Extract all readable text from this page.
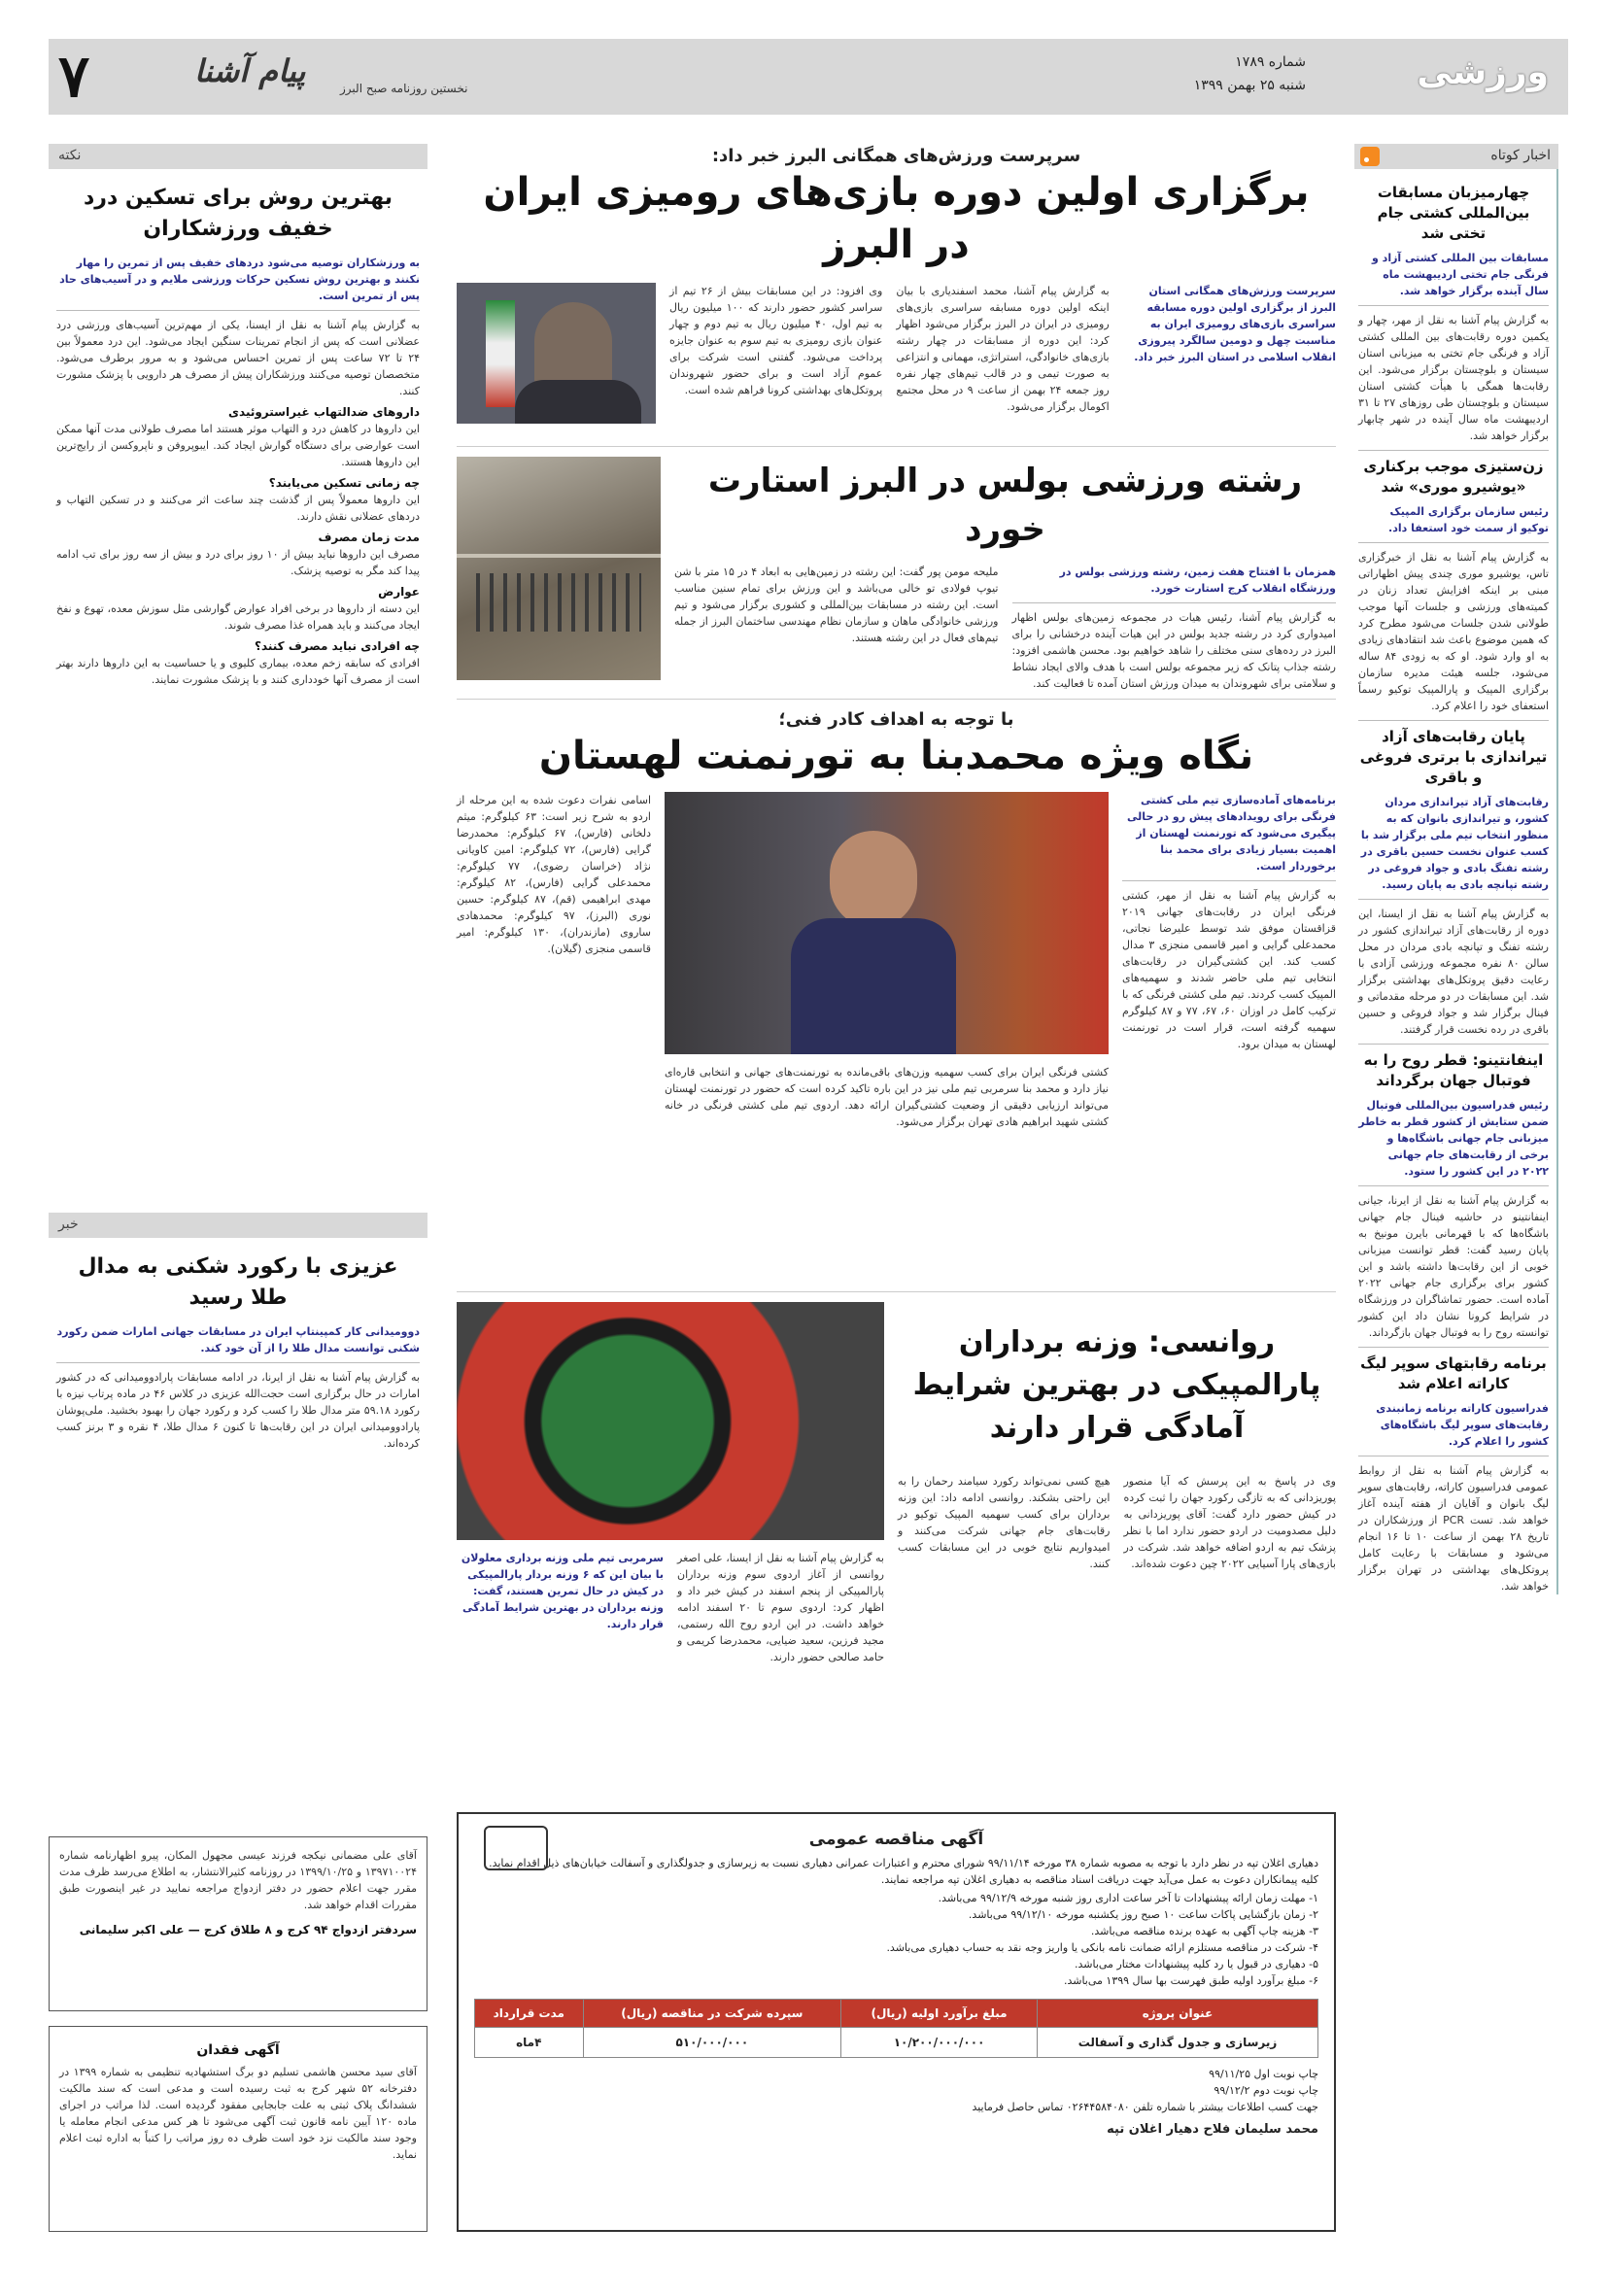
۷	پیام آشنا	نخستین روزنامه صبح البرز
شماره ۱۷۸۹
شنبه ۲۵ بهمن ۱۳۹۹	ورزشی
اخبار کوتاه
چهارمیزبان مسابقات بین‌المللی کشتی جام تختی شد
مسابقات بین المللی کشتی آزاد و فرنگی جام تختی اردیبهشت ماه سال آینده برگزار خواهد شد.
به گزارش پیام آشنا به نقل از مهر، چهار و یکمین دوره رقابت‌های بین المللی کشتی آزاد و فرنگی جام تختی به میزبانی استان سیستان و بلوچستان برگزار می‌شود. این رقابت‌ها همگی با هیأت کشتی استان سیستان و بلوچستان طی روزهای ۲۷ تا ۳۱ اردیبهشت ماه سال آینده در شهر چابهار برگزار خواهد شد.
زن‌ستیزی موجب برکناری «یوشیرو موری» شد
رئیس سازمان برگزاری المپیک توکیو از سمت خود استعفا داد.
به گزارش پیام آشنا به نقل از خبرگزاری تاس، یوشیرو موری چندی پیش اظهاراتی مبنی بر اینکه افزایش تعداد زنان در کمیته‌های ورزشی و جلسات آنها موجب طولانی شدن جلسات می‌شود مطرح کرد که همین موضوع باعث شد انتقادهای زیادی به او وارد شود. او که به زودی ۸۴ ساله می‌شود، جلسه هیئت مدیره سازمان برگزاری المپیک و پارالمپیک توکیو رسماً استعفای خود را اعلام کرد.
پایان رقابت‌های آزاد تیراندازی با برتری فروغی و باقری
رقابت‌های آزاد تیراندازی مردان کشور، و تیراندازی بانوان که به منظور انتخاب تیم ملی برگزار شد با کسب عنوان نخست حسین باقری در رشته تفنگ بادی و جواد فروغی در رشته تپانچه بادی به پایان رسید.
به گزارش پیام آشنا به نقل از ایسنا، این دوره از رقابت‌های آزاد تیراندازی کشور در رشته تفنگ و تپانچه بادی مردان در محل سالن ۸۰ نفره مجموعه ورزشی آزادی با رعایت دقیق پروتکل‌های بهداشتی برگزار شد. این مسابقات در دو مرحله مقدماتی و فینال برگزار شد و جواد فروغی و حسین باقری در رده نخست قرار گرفتند.
اینفانتینو: قطر روح را به فوتبال جهان برگرداند
رئیس فدراسیون بین‌المللی فوتبال ضمن ستایش از کشور قطر به خاطر میزبانی جام جهانی باشگاه‌ها و برخی از رقابت‌های جام جهانی ۲۰۲۲ در این کشور را ستود.
به گزارش پیام آشنا به نقل از ایرنا، جیانی اینفانتینو در حاشیه فینال جام جهانی باشگاه‌ها که با قهرمانی بایرن مونیخ به پایان رسید گفت: قطر توانست میزبانی خوبی از این رقابت‌ها داشته باشد و این کشور برای برگزاری جام جهانی ۲۰۲۲ آماده است. حضور تماشاگران در ورزشگاه در شرایط کرونا نشان داد این کشور توانسته روح را به فوتبال جهان بازگرداند.
برنامه رقابتهای سوپر لیگ کاراته اعلام شد
فدراسیون کاراته برنامه زمانبندی رقابت‌های سوپر لیگ باشگاه‌های کشور را اعلام کرد.
به گزارش پیام آشنا به نقل از روابط عمومی فدراسیون کاراته، رقابت‌های سوپر لیگ بانوان و آقایان از هفته آینده آغاز خواهد شد. تست PCR از ورزشکاران در تاریخ ۲۸ بهمن از ساعت ۱۰ تا ۱۶ انجام می‌شود و مسابقات با رعایت کامل پروتکل‌های بهداشتی در تهران برگزار خواهد شد.
نکته
بهترین روش برای تسکین درد خفیف ورزشکاران
به ورزشکاران توصیه می‌شود دردهای خفیف پس از تمرین را مهار نکنند و بهترین روش تسکین حرکات ورزشی ملایم و در آسیب‌های حاد پس از تمرین است.
به گزارش پیام آشنا به نقل از ایسنا، یکی از مهم‌ترین آسیب‌های ورزشی درد عضلانی است که پس از انجام تمرینات سنگین ایجاد می‌شود. این درد معمولاً بین ۲۴ تا ۷۲ ساعت پس از تمرین احساس می‌شود و به مرور برطرف می‌شود. متخصصان توصیه می‌کنند ورزشکاران پیش از مصرف هر دارویی با پزشک مشورت کنند.
داروهای ضدالتهاب غیراستروئیدی
این داروها در کاهش درد و التهاب موثر هستند اما مصرف طولانی مدت آنها ممکن است عوارضی برای دستگاه گوارش ایجاد کند. ایبوپروفن و ناپروکسن از رایج‌ترین این داروها هستند.
چه زمانی تسکین می‌یابند؟
این داروها معمولاً پس از گذشت چند ساعت اثر می‌کنند و در تسکین التهاب و دردهای عضلانی نقش دارند.
مدت زمان مصرف
مصرف این داروها نباید بیش از ۱۰ روز برای درد و بیش از سه روز برای تب ادامه پیدا کند مگر به توصیه پزشک.
عوارض
این دسته از داروها در برخی افراد عوارض گوارشی مثل سوزش معده، تهوع و نفخ ایجاد می‌کنند و باید همراه غذا مصرف شوند.
چه افرادی نباید مصرف کنند؟
افرادی که سابقه زخم معده، بیماری کلیوی و یا حساسیت به این داروها دارند بهتر است از مصرف آنها خودداری کنند و با پزشک مشورت نمایند.
خبر
عزیزی با رکورد شکنی به مدال طلا رسید
دوومیدانی کار کمپینتاپ ایران در مسابقات جهانی امارات ضمن رکورد شکنی توانست مدال طلا را از آن خود کند.
به گزارش پیام آشنا به نقل از ایرنا، در ادامه مسابقات پارادوومیدانی که در کشور امارات در حال برگزاری است حجت‌الله عزیزی در کلاس ۴۶ در ماده پرتاب نیزه با رکورد ۵۹.۱۸ متر مدال طلا را کسب کرد و رکورد جهان را بهبود بخشید. ملی‌پوشان پارادوومیدانی ایران در این رقابت‌ها تا کنون ۶ مدال طلا، ۴ نقره و ۳ برنز کسب کرده‌اند.
آقای علی مضمانی نیکجه فرزند عیسی مجهول المکان، پیرو اظهارنامه شماره ۱۳۹۷۱۰۰۲۴ و ۱۳۹۹/۱۰/۲۵ در روزنامه کثیرالانتشار، به اطلاع می‌رسد ظرف مدت مقرر جهت اعلام حضور در دفتر ازدواج مراجعه نمایید در غیر اینصورت طبق مقررات اقدام خواهد شد.
سردفتر ازدواج ۹۴ کرج و ۸ طلاق کرج — علی اکبر سلیمانی
آگهی فقدان
آقای سید محسن هاشمی تسلیم دو برگ استشهادیه تنظیمی به شماره ۱۳۹۹ در دفترخانه ۵۲ شهر کرج به ثبت رسیده است و مدعی است که سند مالکیت ششدانگ پلاک ثبتی به علت جابجایی مفقود گردیده است. لذا مراتب در اجرای ماده ۱۲۰ آیین نامه قانون ثبت آگهی می‌شود تا هر کس مدعی انجام معامله یا وجود سند مالکیت نزد خود است ظرف ده روز مراتب را کتباً به اداره ثبت اعلام نماید.
سرپرست ورزش‌های همگانی البرز خبر داد:
برگزاری اولین دوره بازی‌های رومیزی ایران در البرز
سرپرست ورزش‌های همگانی استان البرز از برگزاری اولین دوره مسابقه سراسری بازی‌های رومیزی ایران به مناسبت چهل و دومین سالگرد پیروزی انقلاب اسلامی در استان البرز خبر داد.
به گزارش پیام آشنا، محمد اسفندیاری با بیان اینکه اولین دوره مسابقه سراسری بازی‌های رومیزی در ایران در البرز برگزار می‌شود اظهار کرد: این دوره از مسابقات در چهار رشته بازی‌های خانوادگی، استراتژی، مهمانی و انتزاعی به صورت تیمی و در قالب تیم‌های چهار نفره روز جمعه ۲۴ بهمن از ساعت ۹ در محل مجتمع اکومال برگزار می‌شود.
وی افزود: در این مسابقات بیش از ۲۶ تیم از سراسر کشور حضور دارند که ۱۰۰ میلیون ریال به تیم اول، ۴۰ میلیون ریال به تیم دوم و چهار عنوان بازی رومیزی به تیم سوم به عنوان جایزه پرداخت می‌شود. گفتنی است شرکت برای عموم آزاد است و برای حضور شهروندان پروتکل‌های بهداشتی کرونا فراهم شده است.
رشته ورزشی بولس در البرز استارت خورد
همزمان با افتتاح هفت زمین، رشته ورزشی بولس در ورزشگاه انقلاب کرج استارت خورد.
به گزارش پیام آشنا، رئیس هیات در مجموعه زمین‌های بولس اظهار امیدواری کرد در رشته جدید بولس در این هیات آینده درخشانی را برای البرز در رده‌های سنی مختلف را شاهد خواهیم بود. محسن هاشمی افزود: رشته جذاب پتانک که زیر مجموعه بولس است با هدف والای ایجاد نشاط و سلامتی برای شهروندان به میدان ورزش استان آمده تا فعالیت کند.
ملیحه مومن پور گفت: این رشته در زمین‌هایی به ابعاد ۴ در ۱۵ متر با شن تیوپ فولادی تو خالی می‌باشد و این ورزش برای تمام سنین مناسب است. این رشته در مسابقات بین‌المللی و کشوری برگزار می‌شود و تیم ورزشی خانوادگی ماهان و سازمان نظام مهندسی ساختمان البرز از جمله تیم‌های فعال در این رشته هستند.
با توجه به اهداف کادر فنی؛
نگاه ویژه محمدبنا به تورنمنت لهستان
برنامه‌های آماده‌سازی تیم ملی کشتی فرنگی برای رویدادهای پیش رو در حالی پیگیری می‌شود که تورنمنت لهستان از اهمیت بسیار زیادی برای محمد بنا برخوردار است.
به گزارش پیام آشنا به نقل از مهر، کشتی فرنگی ایران در رقابت‌های جهانی ۲۰۱۹ قزاقستان موفق شد توسط علیرضا نجاتی، محمدعلی گرایی و امیر قاسمی منجزی ۳ مدال کسب کند. این کشتی‌گیران در رقابت‌های انتخابی تیم ملی حاضر شدند و سهمیه‌های المپیک کسب کردند. تیم ملی کشتی فرنگی که با ترکیب کامل در اوزان ۶۰، ۶۷، ۷۷ و ۸۷ کیلوگرم سهمیه گرفته است، قرار است در تورنمنت لهستان به میدان برود.
کشتی فرنگی ایران برای کسب سهمیه وزن‌های باقی‌مانده به تورنمنت‌های جهانی و انتخابی قاره‌ای نیاز دارد و محمد بنا سرمربی تیم ملی نیز در این باره تاکید کرده است که حضور در تورنمنت لهستان می‌تواند ارزیابی دقیقی از وضعیت کشتی‌گیران ارائه دهد. اردوی تیم ملی کشتی فرنگی در خانه کشتی شهید ابراهیم هادی تهران برگزار می‌شود.
اسامی نفرات دعوت شده به این مرحله از اردو به شرح زیر است: ۶۳ کیلوگرم: میثم دلخانی (فارس)، ۶۷ کیلوگرم: محمدرضا گرایی (فارس)، ۷۲ کیلوگرم: امین کاویانی نژاد (خراسان رضوی)، ۷۷ کیلوگرم: محمدعلی گرایی (فارس)، ۸۲ کیلوگرم: مهدی ابراهیمی (قم)، ۸۷ کیلوگرم: حسین نوری (البرز)، ۹۷ کیلوگرم: محمدهادی ساروی (مازندران)، ۱۳۰ کیلوگرم: امیر قاسمی منجزی (گیلان).
روانسی: وزنه برداران پارالمپیکی در بهترین شرایط آمادگی قرار دارند
وی در پاسخ به این پرسش که آیا منصور پوریزدانی که به تازگی رکورد جهان را ثبت کرده در کیش حضور دارد گفت: آقای پوریزدانی به دلیل مصدومیت در اردو حضور ندارد اما با نظر پزشک تیم به اردو اضافه خواهد شد. شرکت در بازی‌های پارا آسیایی ۲۰۲۲ چین دعوت شده‌اند.
هیچ کسی نمی‌تواند رکورد سیامند رحمان را به این راحتی بشکند. روانسی ادامه داد: این وزنه برداران برای کسب سهمیه المپیک توکیو در رقابت‌های جام جهانی شرکت می‌کنند و امیدواریم نتایج خوبی در این مسابقات کسب کنند.
به گزارش پیام آشنا به نقل از ایسنا، علی اصغر روانسی از آغاز اردوی سوم وزنه برداران پارالمپیکی از پنجم اسفند در کیش خبر داد و اظهار کرد: اردوی سوم تا ۲۰ اسفند ادامه خواهد داشت. در این اردو روح الله رستمی، مجید فرزین، سعید ضیایی، محمدرضا کریمی و حامد صالحی حضور دارند.
سرمربی تیم ملی وزنه برداری معلولان با بیان این که ۶ وزنه بردار پارالمپیکی در کیش در حال تمرین هستند، گفت: وزنه برداران در بهترین شرایط آمادگی قرار دارند.
آگهی مناقصه عمومی
دهیاری اغلان تپه در نظر دارد با توجه به مصوبه شماره ۳۸ مورخه ۹۹/۱۱/۱۴ شورای محترم و اعتبارات عمرانی دهیاری نسبت به زیرسازی و جدولگذاری و آسفالت خیابان‌های ذیل اقدام نماید. کلیه پیمانکاران دعوت به عمل می‌آید جهت دریافت اسناد مناقصه به دهیاری اغلان تپه مراجعه نمایند.
۱- مهلت زمان ارائه پیشنهادات تا آخر ساعت اداری روز شنبه مورخه ۹۹/۱۲/۹ می‌باشد.
۲- زمان بازگشایی پاکات ساعت ۱۰ صبح روز یکشنبه مورخه ۹۹/۱۲/۱۰ می‌باشد.
۳- هزینه چاپ آگهی به عهده برنده مناقصه می‌باشد.
۴- شرکت در مناقصه مستلزم ارائه ضمانت نامه بانکی یا واریز وجه نقد به حساب دهیاری می‌باشد.
۵- دهیاری در قبول یا رد کلیه پیشنهادات مختار می‌باشد.
۶- مبلغ برآورد اولیه طبق فهرست بها سال ۱۳۹۹ می‌باشد.
عنوان پروژه	مبلغ برآورد اولیه (ریال)	سپرده شرکت در مناقصه (ریال)	مدت قرارداد
زیرسازی و جدول گذاری و آسفالت	۱۰/۲۰۰/۰۰۰/۰۰۰	۵۱۰/۰۰۰/۰۰۰	۴ماه
چاپ نوبت اول ۹۹/۱۱/۲۵
چاپ نوبت دوم ۹۹/۱۲/۲
جهت کسب اطلاعات بیشتر با شماره تلفن ۰۲۶۴۴۵۸۴۰۸۰ تماس حاصل فرمایید
محمد سلیمان فلاح دهیار اغلان تپه
